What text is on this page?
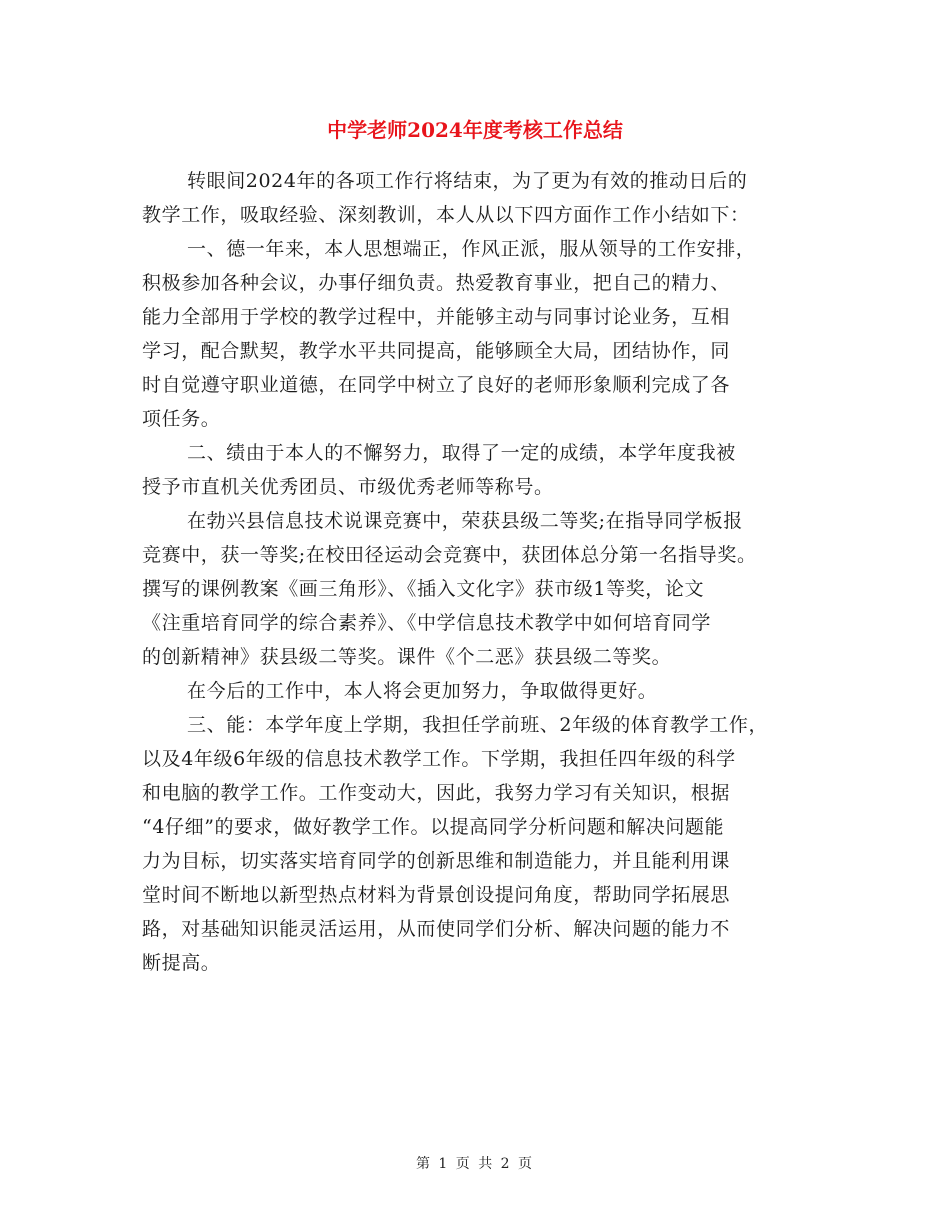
中学老师2024年度考核工作总结
转眼间2024年的各项工作行将结束，为了更为有效的推动日后的
教学工作，吸取经验、深刻教训，本人从以下四方面作工作小结如下：
一、德一年来，本人思想端正，作风正派，服从领导的工作安排，
积极参加各种会议，办事仔细负责。热爱教育事业，把自己的精力、
能力全部用于学校的教学过程中，并能够主动与同事讨论业务，互相
学习，配合默契，教学水平共同提高，能够顾全大局，团结协作，同
时自觉遵守职业道德，在同学中树立了良好的老师形象顺利完成了各
项任务。
二、绩由于本人的不懈努力，取得了一定的成绩，本学年度我被
授予市直机关优秀团员、市级优秀老师等称号。
在勃兴县信息技术说课竞赛中，荣获县级二等奖;在指导同学板报
竞赛中，获一等奖;在校田径运动会竞赛中，获团体总分第一名指导奖。
撰写的课例教案《画三角形》、《插入文化字》获市级1等奖，论文
《注重培育同学的综合素养》、《中学信息技术教学中如何培育同学
的创新精神》获县级二等奖。课件《个二恶》获县级二等奖。
在今后的工作中，本人将会更加努力，争取做得更好。
三、能：本学年度上学期，我担任学前班、2年级的体育教学工作，
以及4年级6年级的信息技术教学工作。下学期，我担任四年级的科学
和电脑的教学工作。工作变动大，因此，我努力学习有关知识，根据
“4仔细”的要求，做好教学工作。以提高同学分析问题和解决问题能
力为目标，切实落实培育同学的创新思维和制造能力，并且能利用课
堂时间不断地以新型热点材料为背景创设提问角度，帮助同学拓展思
路，对基础知识能灵活运用，从而使同学们分析、解决问题的能力不
断提高。
第 1 页 共 2 页
